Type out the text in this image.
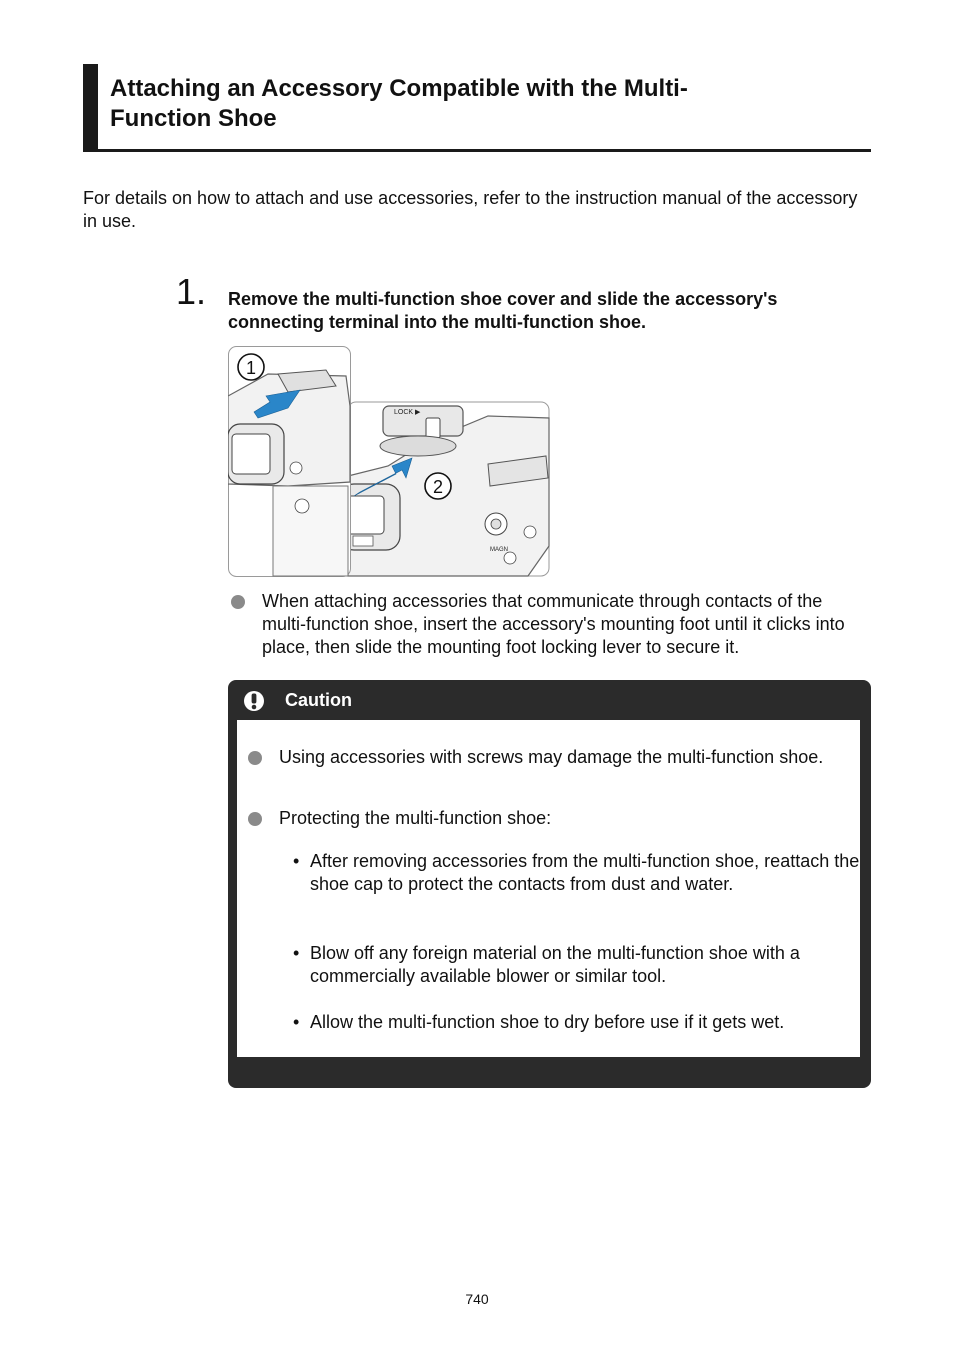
Attaching an Accessory Compatible with the Multi-
Function Shoe

For details on how to attach and use accessories, refer to the instruction manual of the accessory in use.

1. Remove the multi-function shoe cover and slide the accessory's connecting terminal into the multi-function shoe.

LOCK ▶
MAGN
2
1
When attaching accessories that communicate through contacts of the multi-function shoe, insert the accessory's mounting foot until it clicks into place, then slide the mounting foot locking lever to secure it.
Caution
Using accessories with screws may damage the multi-function shoe.
Protecting the multi-function shoe:
• After removing accessories from the multi-function shoe, reattach the shoe cap to protect the contacts from dust and water.
• Blow off any foreign material on the multi-function shoe with a commercially available blower or similar tool.
• Allow the multi-function shoe to dry before use if it gets wet.
740
